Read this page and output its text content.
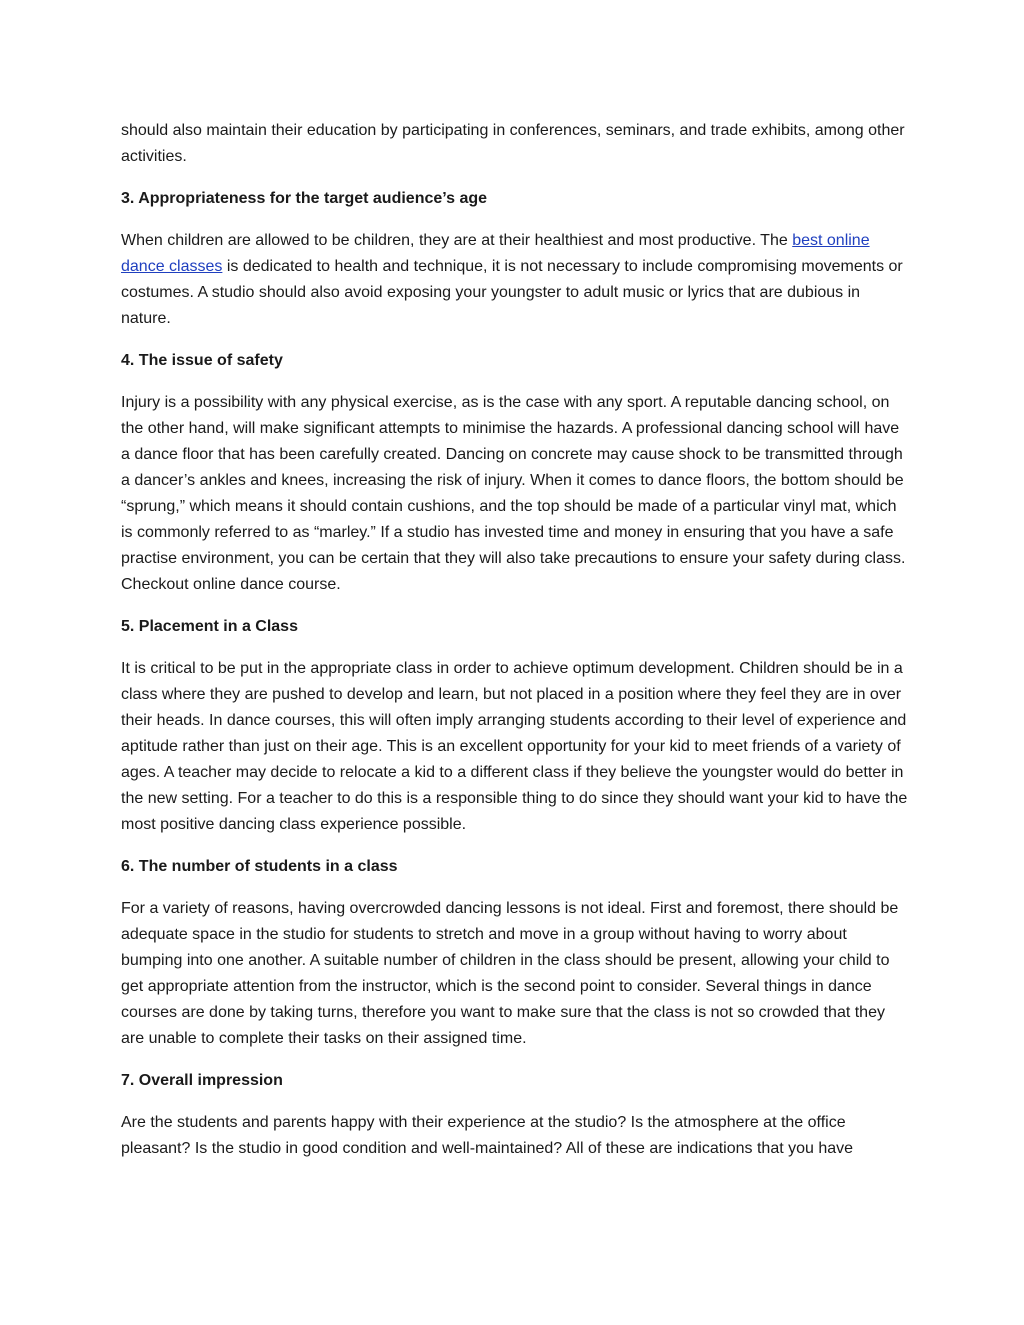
should also maintain their education by participating in conferences, seminars, and trade exhibits, among other activities.

3. Appropriateness for the target audience’s age

When children are allowed to be children, they are at their healthiest and most productive. The best online dance classes is dedicated to health and technique, it is not necessary to include compromising movements or costumes. A studio should also avoid exposing your youngster to adult music or lyrics that are dubious in nature.

4. The issue of safety

Injury is a possibility with any physical exercise, as is the case with any sport. A reputable dancing school, on the other hand, will make significant attempts to minimise the hazards. A professional dancing school will have a dance floor that has been carefully created. Dancing on concrete may cause shock to be transmitted through a dancer’s ankles and knees, increasing the risk of injury. When it comes to dance floors, the bottom should be “sprung,” which means it should contain cushions, and the top should be made of a particular vinyl mat, which is commonly referred to as “marley.” If a studio has invested time and money in ensuring that you have a safe practise environment, you can be certain that they will also take precautions to ensure your safety during class. Checkout online dance course.

5. Placement in a Class

It is critical to be put in the appropriate class in order to achieve optimum development. Children should be in a class where they are pushed to develop and learn, but not placed in a position where they feel they are in over their heads. In dance courses, this will often imply arranging students according to their level of experience and aptitude rather than just on their age. This is an excellent opportunity for your kid to meet friends of a variety of ages. A teacher may decide to relocate a kid to a different class if they believe the youngster would do better in the new setting. For a teacher to do this is a responsible thing to do since they should want your kid to have the most positive dancing class experience possible.

6. The number of students in a class

For a variety of reasons, having overcrowded dancing lessons is not ideal. First and foremost, there should be adequate space in the studio for students to stretch and move in a group without having to worry about bumping into one another. A suitable number of children in the class should be present, allowing your child to get appropriate attention from the instructor, which is the second point to consider. Several things in dance courses are done by taking turns, therefore you want to make sure that the class is not so crowded that they are unable to complete their tasks on their assigned time.

7. Overall impression

Are the students and parents happy with their experience at the studio? Is the atmosphere at the office pleasant? Is the studio in good condition and well-maintained? All of these are indications that you have
